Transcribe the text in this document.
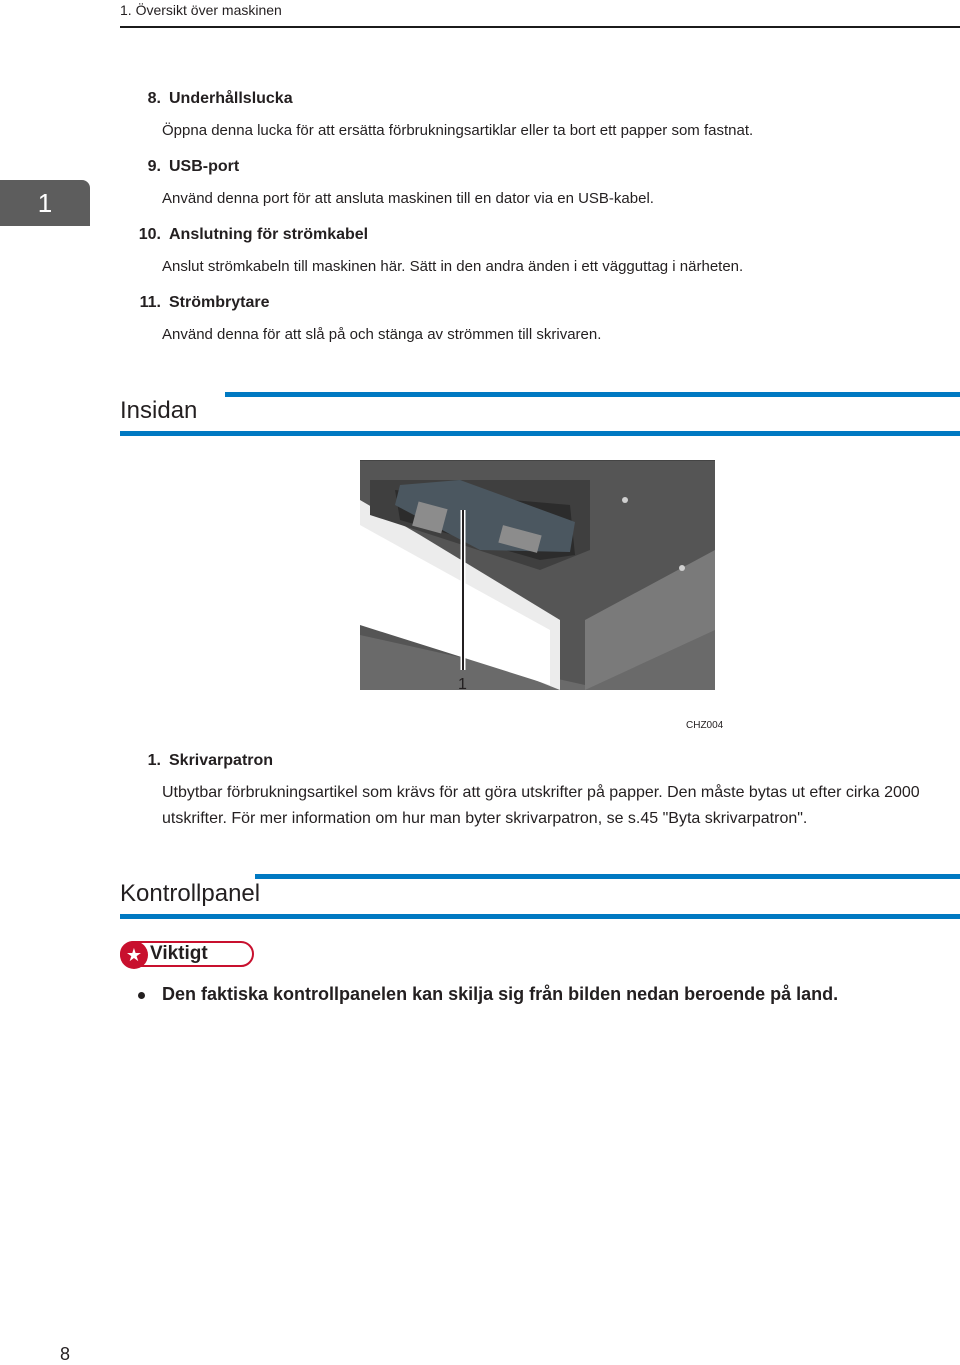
1. Översikt över maskinen
1
8. Underhållslucka
Öppna denna lucka för att ersätta förbrukningsartiklar eller ta bort ett papper som fastnat.
9. USB-port
Använd denna port för att ansluta maskinen till en dator via en USB-kabel.
10. Anslutning för strömkabel
Anslut strömkabeln till maskinen här. Sätt in den andra änden i ett vägguttag i närheten.
11. Strömbrytare
Använd denna för att slå på och stänga av strömmen till skrivaren.
Insidan
1
CHZ004
1. Skrivarpatron
Utbytbar förbrukningsartikel som krävs för att göra utskrifter på papper. Den måste bytas ut efter cirka 2000 utskrifter. För mer information om hur man byter skrivarpatron, se s.45 "Byta skrivarpatron".
Kontrollpanel
★ Viktigt
Den faktiska kontrollpanelen kan skilja sig från bilden nedan beroende på land.
8
